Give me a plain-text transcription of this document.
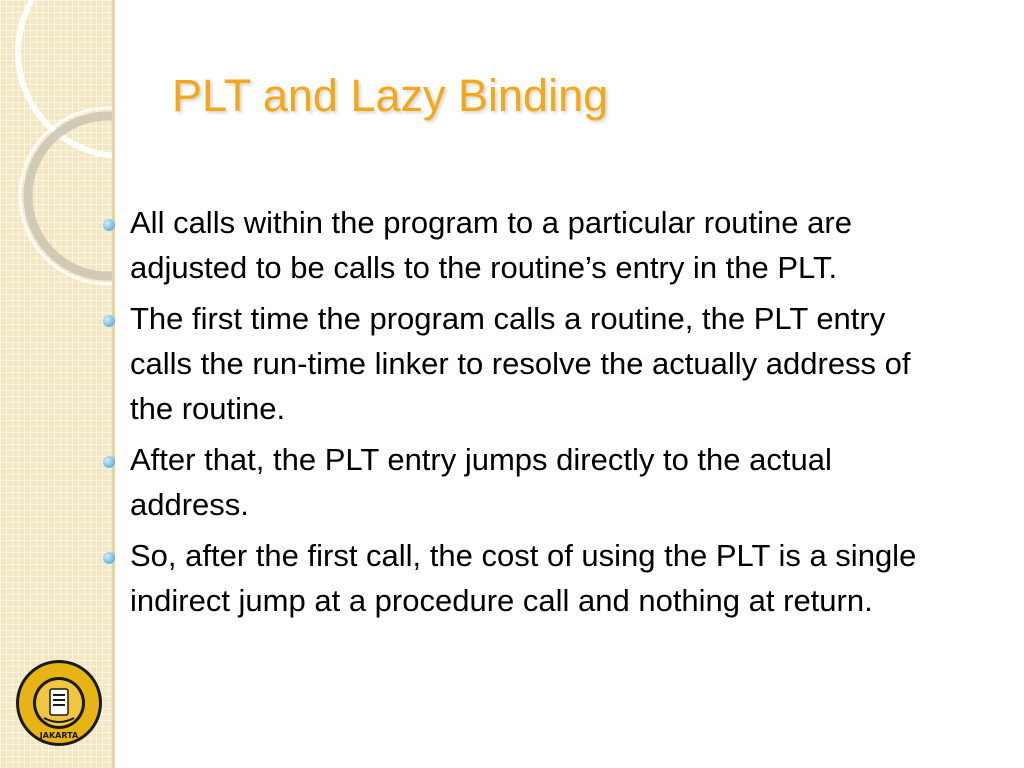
PLT and Lazy Binding
All calls within the program to a particular routine are adjusted to be calls to the routine’s entry in the PLT.
The first time the program calls a routine, the PLT entry calls the run-time linker to resolve the actually address of the routine.
After that, the PLT entry jumps directly to the actual address.
So, after the first call, the cost of using the PLT is a single indirect jump at a procedure call and nothing at return.
JAKARTA
